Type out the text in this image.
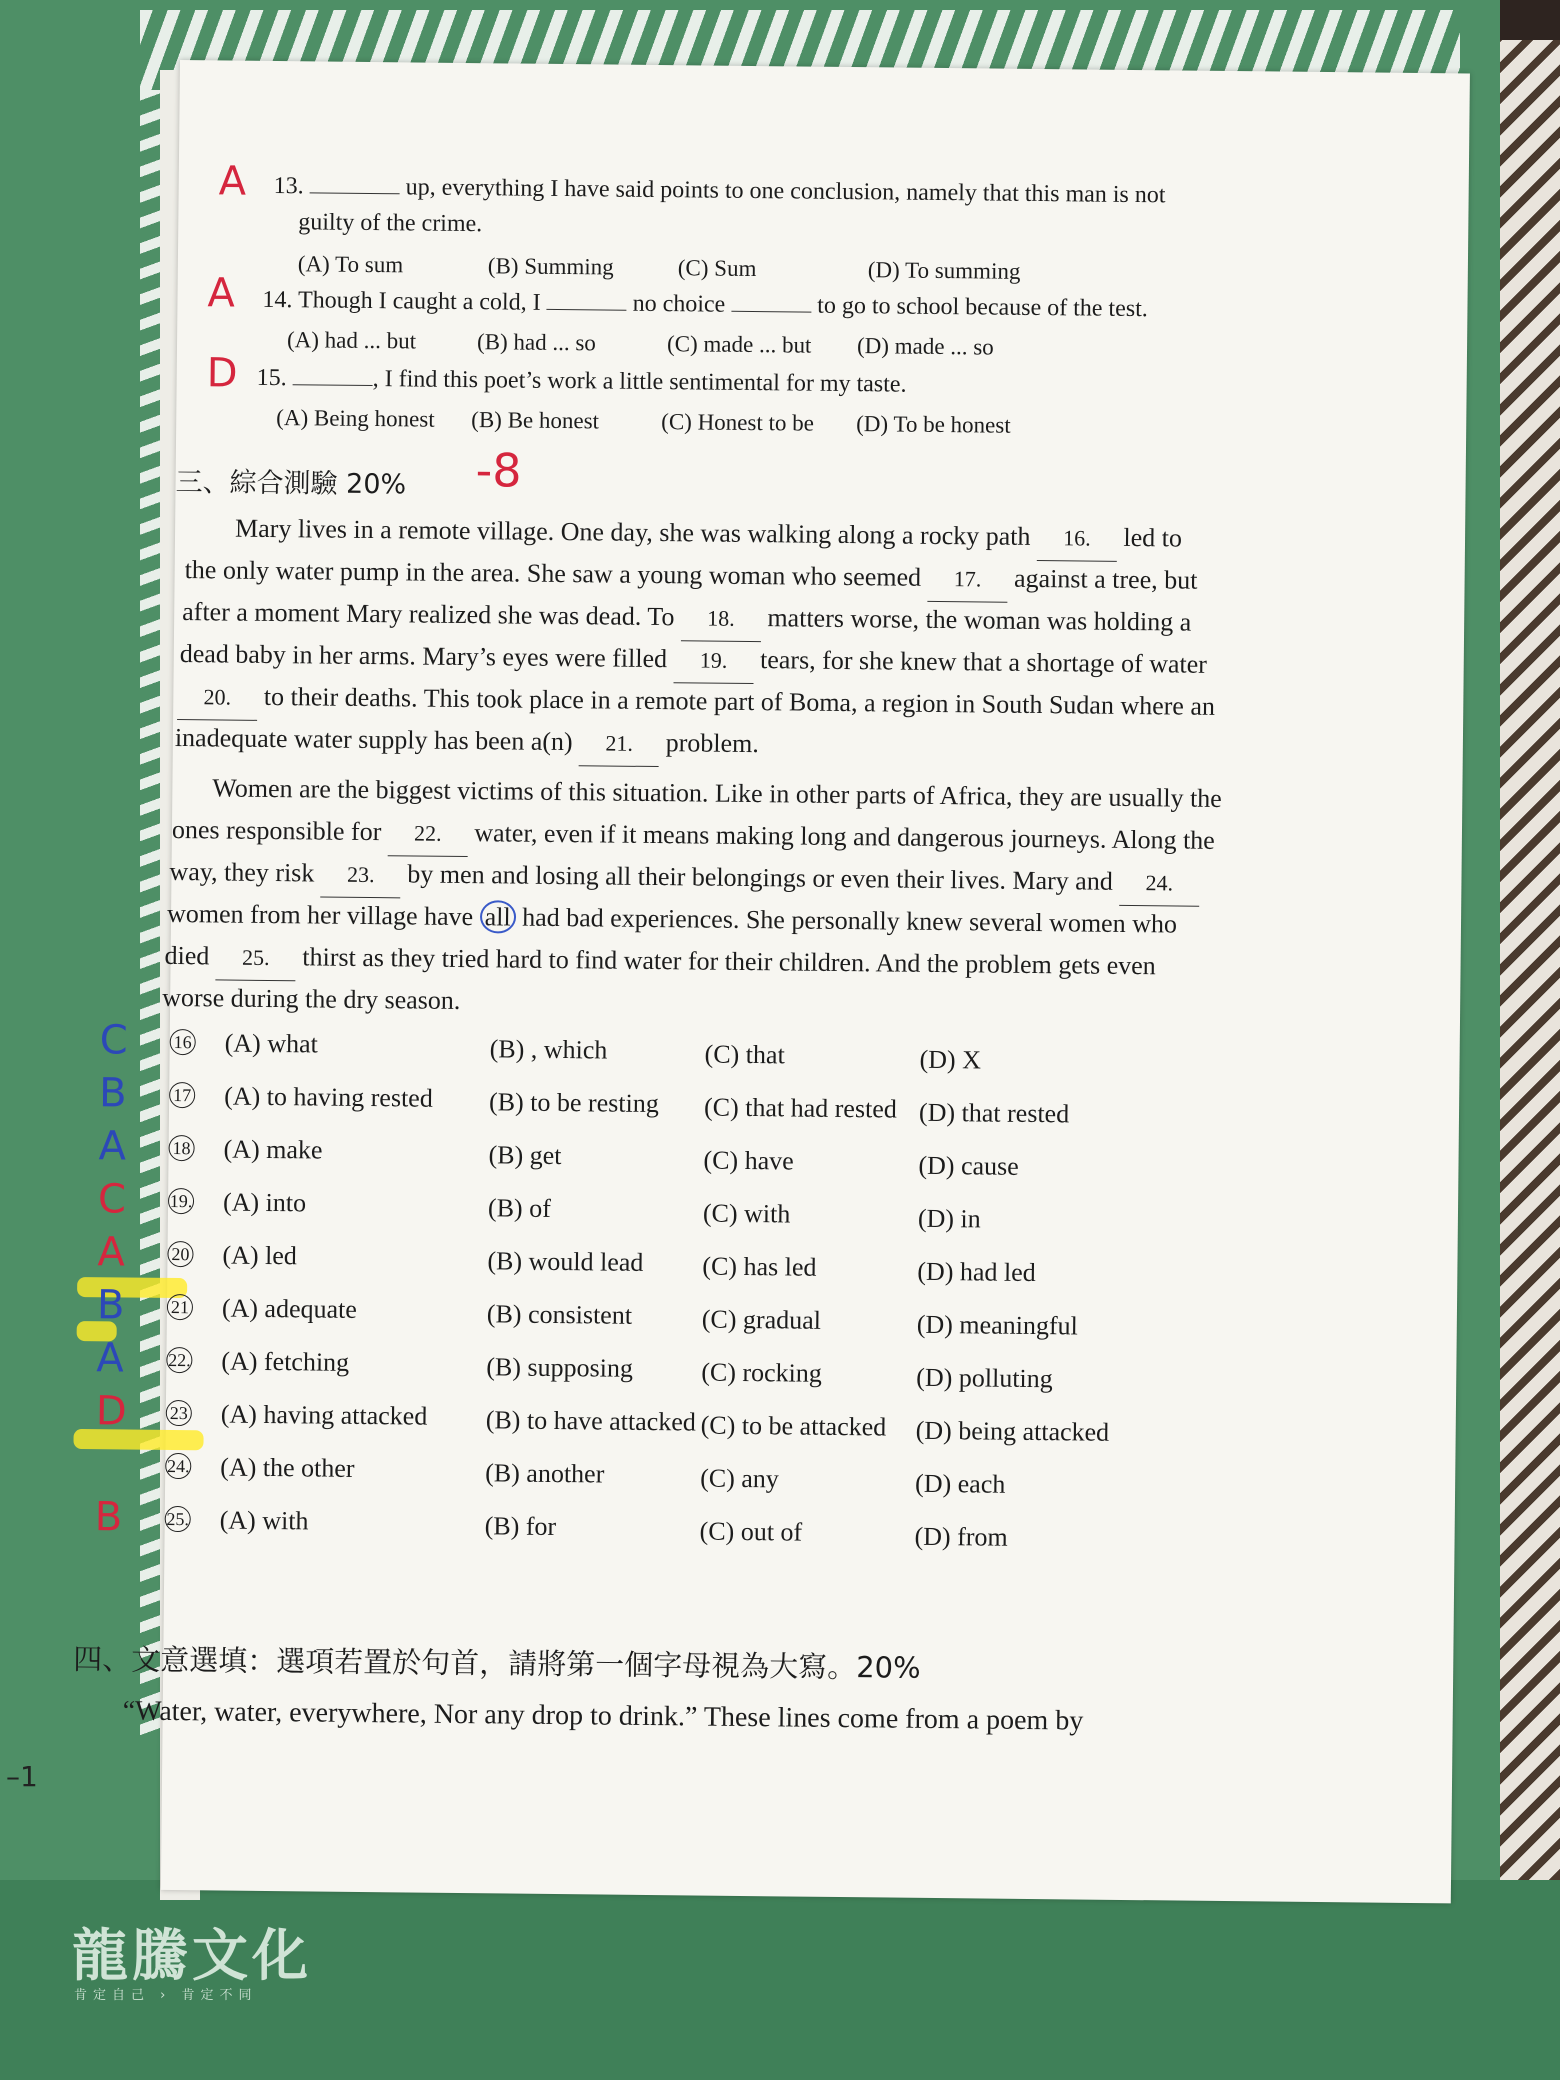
龍騰文化
肯定自己 › 肯定不同
–1
A 13.	up, everything I have said points to one conclusion, namely that this man is not
guilty of the crime.
(A) To sum	(B) Summing	(C) Sum	(D) To summing
A 14. Though I caught a cold, I	no choice	to go to school because of the test.
(A) had ... but	(B) had ... so	(C) made ... but (D) made ... so
D 15.	, I find this poet’s work a little sentimental for my taste.
(A) Being honest (B) Be honest	(C) Honest to be (D) To be honest
三、綜合測驗 20% -8
Mary lives in a remote village. One day, she was walking along a rocky path 16. led to
the only water pump in the area. She saw a young woman who seemed 17. against a tree, but
after a moment Mary realized she was dead. To 18. matters worse, the woman was holding a
dead baby in her arms. Mary’s eyes were filled 19. tears, for she knew that a shortage of water
20. to their deaths. This took place in a remote part of Boma, a region in South Sudan where an
inadequate water supply has been a(n) 21. problem.
Women are the biggest victims of this situation. Like in other parts of Africa, they are usually the
ones responsible for 22. water, even if it means making long and dangerous journeys. Along the
way, they risk 23. by men and losing all their belongings or even their lives. Mary and 24.
women from her village have all had bad experiences. She personally knew several women who
died 25. thirst as they tried hard to find water for their children. And the problem gets even
worse during the dry season.
C	16 (A) what	(B) , which	(C) that	(D) X
B	17 (A) to having rested (B) to be resting (C) that had rested (D) that rested
A	18 (A) make	(B) get	(C) have	(D) cause
C 19. (A) into	(B) of	(C) with	(D) in
A	20 (A) led	(B) would lead (C) has led	(D) had led
B	21 (A) adequate	(B) consistent	(C) gradual	(D) meaningful
A 22. (A) fetching	(B) supposing	(C) rocking	(D) polluting
D 23 (A) having attacked (B) to have attacked (C) to be attacked (D) being attacked
24. (A) the other	(B) another	(C) any	(D) each
B 25. (A) with	(B) for	(C) out of	(D) from
四、文意選填：選項若置於句首，請將第一個字母視為大寫。20%
“Water, water, everywhere, Nor any drop to drink.” These lines come from a poem by
